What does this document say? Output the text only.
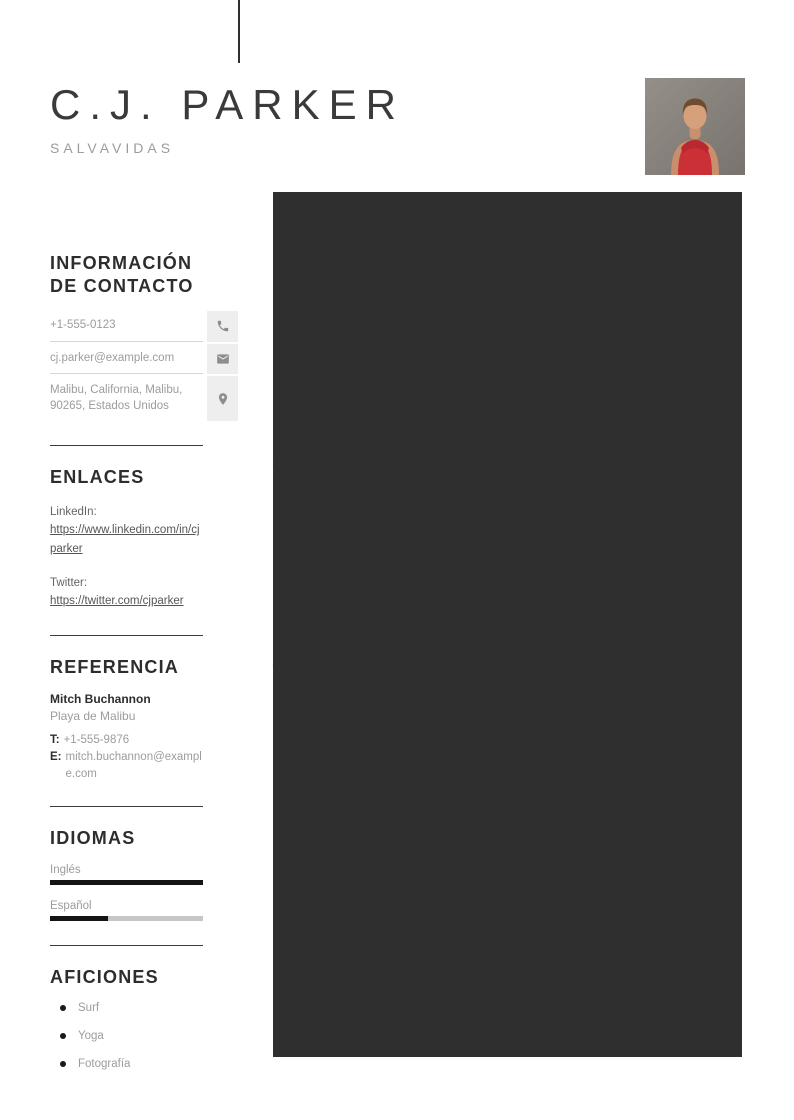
C.J. PARKER
SALVAVIDAS
INFORMACIÓN DE CONTACTO
+1-555-0123
cj.parker@example.com
Malibu, California, Malibu, 90265, Estados Unidos
ENLACES
LinkedIn:
https://www.linkedin.com/in/cjparker
Twitter:
https://twitter.com/cjparker
REFERENCIA
Mitch Buchannon
Playa de Malibu
T: +1-555-9876
E: mitch.buchannon@example.com
IDIOMAS
Inglés
Español
AFICIONES
Surf
Yoga
Fotografía
